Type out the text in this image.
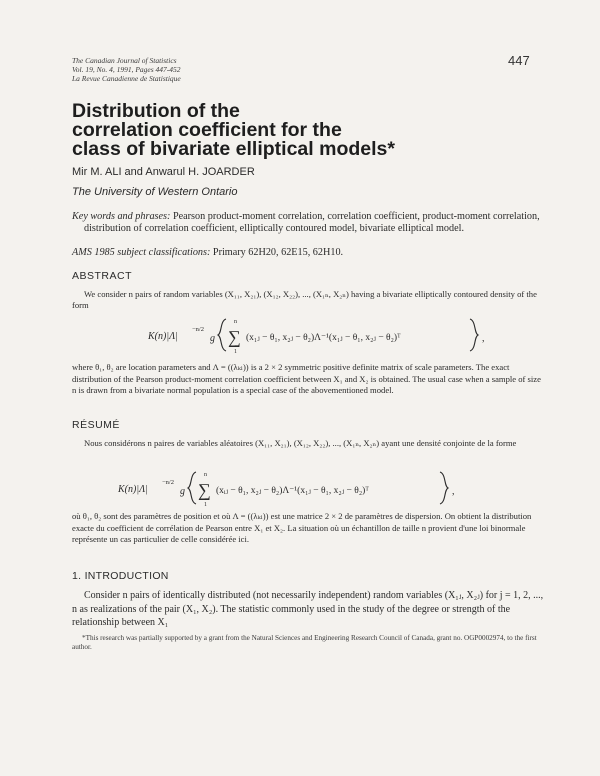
The Canadian Journal of Statistics
Vol. 19, No. 4, 1991, Pages 447-452
La Revue Canadienne de Statistique
447
Distribution of the
correlation coefficient for the
class of bivariate elliptical models*
Mir M. ALI and Anwarul H. JOARDER
The University of Western Ontario
Key words and phrases: Pearson product-moment correlation, correlation coefficient, product-moment correlation, distribution of correlation coefficient, elliptically contoured model, bivariate elliptical model.
AMS 1985 subject classifications: Primary 62H20, 62E15, 62H10.
ABSTRACT
We consider n pairs of random variables (X₁₁, X₂₁), (X₁₂, X₂₂), ..., (X₁ₙ, X₂ₙ) having a bivariate elliptically contoured density of the form
K(n)|Λ|
−n/2
g
n
∑
1
(x₁ⱼ − θ₁, x₂ⱼ − θ₂)Λ⁻¹(x₁ⱼ − θ₁, x₂ⱼ − θ₂)ᵀ	,
where θ₁, θ₂ are location parameters and Λ = ((λₖₗ)) is a 2 × 2 symmetric positive definite matrix of scale parameters. The exact distribution of the Pearson product-moment correlation coefficient between X₁ and X₂ is obtained. The usual case when a sample of size n is drawn from a bivariate normal population is a special case of the abovementioned model.
RÉSUMÉ
Nous considérons n paires de variables aléatoires (X₁₁, X₂₁), (X₁₂, X₂₂), ..., (X₁ₙ, X₂ₙ) ayant une densité conjointe de la forme
K(n)|Λ|
−n/2
g
n
∑
1
(xᵢⱼ − θ₁, x₂ⱼ − θ₂)Λ⁻¹(x₁ⱼ − θ₁, x₂ⱼ − θ₂)ᵀ	,
où θ₁, θ₂ sont des paramètres de position et où Λ = ((λₖₗ)) est une matrice 2 × 2 de paramètres de dispersion. On obtient la distribution exacte du coefficient de corrélation de Pearson entre X₁ et X₂. La situation où un échantillon de taille n provient d'une loi binormale représente un cas particulier de celle considérée ici.
1. INTRODUCTION
Consider n pairs of identically distributed (not necessarily independent) random variables (X₁ⱼ, X₂ⱼ) for j = 1, 2, ..., n as realizations of the pair (X₁, X₂). The statistic commonly used in the study of the degree or strength of the relationship between X₁
*This research was partially supported by a grant from the Natural Sciences and Engineering Research Council of Canada, grant no. OGP0002974, to the first author.
